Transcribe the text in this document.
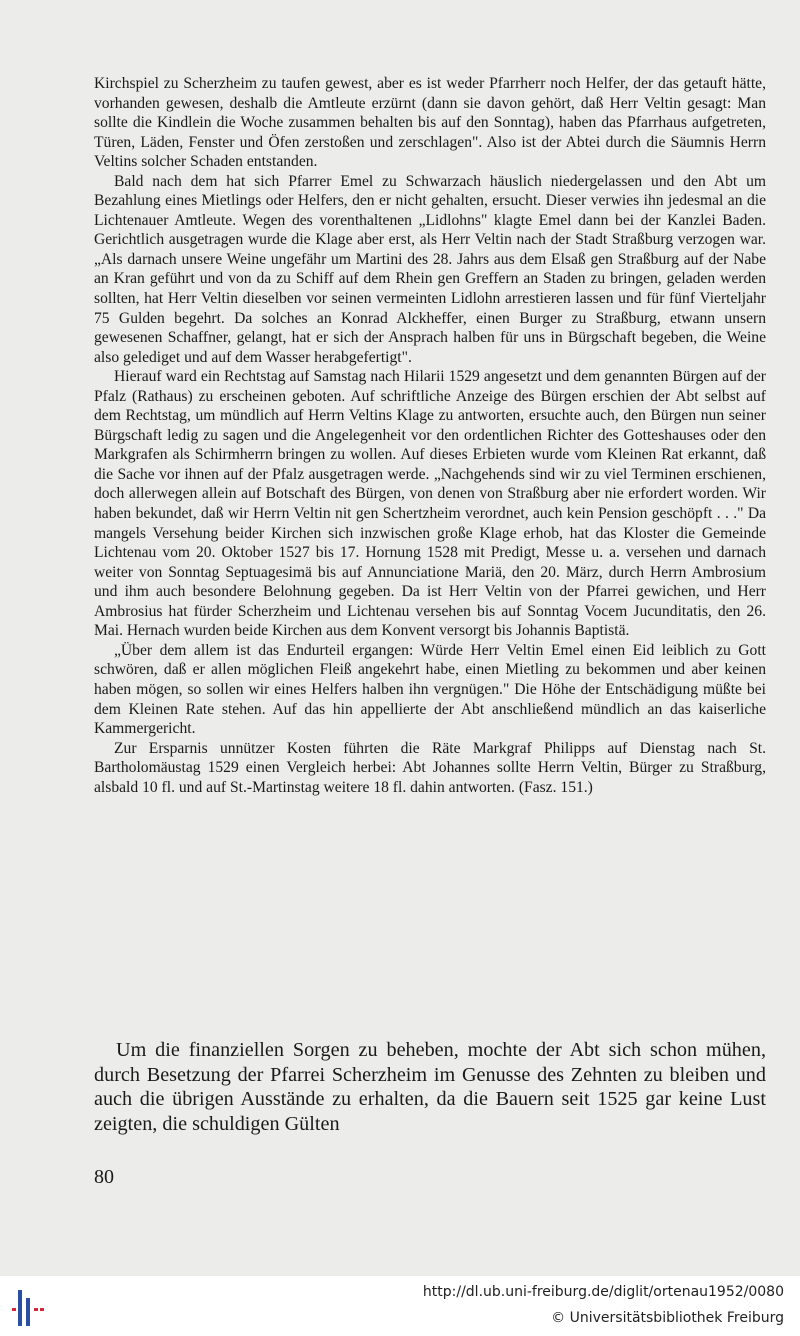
Kirchspiel zu Scherzheim zu taufen gewest, aber es ist weder Pfarrherr noch Helfer, der das getauft hätte, vorhanden gewesen, deshalb die Amtleute erzürnt (dann sie davon gehört, daß Herr Veltin gesagt: Man sollte die Kindlein die Woche zusammen behalten bis auf den Sonntag), haben das Pfarrhaus aufgetreten, Türen, Läden, Fenster und Öfen zerstoßen und zerschlagen". Also ist der Abtei durch die Säumnis Herrn Veltins solcher Schaden entstanden.

Bald nach dem hat sich Pfarrer Emel zu Schwarzach häuslich niedergelassen und den Abt um Bezahlung eines Mietlings oder Helfers, den er nicht gehalten, ersucht. Dieser verwies ihn jedesmal an die Lichtenauer Amtleute. Wegen des vorenthaltenen „Lidlohns" klagte Emel dann bei der Kanzlei Baden. Gerichtlich ausgetragen wurde die Klage aber erst, als Herr Veltin nach der Stadt Straßburg verzogen war. „Als darnach unsere Weine ungefähr um Martini des 28. Jahrs aus dem Elsaß gen Straßburg auf der Nabe an Kran geführt und von da zu Schiff auf dem Rhein gen Greffern an Staden zu bringen, geladen werden sollten, hat Herr Veltin dieselben vor seinen vermeinten Lidlohn arrestieren lassen und für fünf Vierteljahr 75 Gulden begehrt. Da solches an Konrad Alckheffer, einen Burger zu Straßburg, etwann unsern gewesenen Schaffner, gelangt, hat er sich der Ansprach halben für uns in Bürgschaft begeben, die Weine also gelediget und auf dem Wasser herabgefertigt".

Hierauf ward ein Rechtstag auf Samstag nach Hilarii 1529 angesetzt und dem genannten Bürgen auf der Pfalz (Rathaus) zu erscheinen geboten. Auf schriftliche Anzeige des Bürgen erschien der Abt selbst auf dem Rechtstag, um mündlich auf Herrn Veltins Klage zu antworten, ersuchte auch, den Bürgen nun seiner Bürgschaft ledig zu sagen und die Angelegenheit vor den ordentlichen Richter des Gotteshauses oder den Markgrafen als Schirmherrn bringen zu wollen. Auf dieses Erbieten wurde vom Kleinen Rat erkannt, daß die Sache vor ihnen auf der Pfalz ausgetragen werde. „Nachgehends sind wir zu viel Terminen erschienen, doch allerwegen allein auf Botschaft des Bürgen, von denen von Straßburg aber nie erfordert worden. Wir haben bekundet, daß wir Herrn Veltin nit gen Schertzheim verordnet, auch kein Pension geschöpft . . ." Da mangels Versehung beider Kirchen sich inzwischen große Klage erhob, hat das Kloster die Gemeinde Lichtenau vom 20. Oktober 1527 bis 17. Hornung 1528 mit Predigt, Messe u. a. versehen und darnach weiter von Sonntag Septuagesimä bis auf Annunciatione Mariä, den 20. März, durch Herrn Ambrosium und ihm auch besondere Belohnung gegeben. Da ist Herr Veltin von der Pfarrei gewichen, und Herr Ambrosius hat fürder Scherzheim und Lichtenau versehen bis auf Sonntag Vocem Jucunditatis, den 26. Mai. Hernach wurden beide Kirchen aus dem Konvent versorgt bis Johannis Baptistä.

„Über dem allem ist das Endurteil ergangen: Würde Herr Veltin Emel einen Eid leiblich zu Gott schwören, daß er allen möglichen Fleiß angekehrt habe, einen Mietling zu bekommen und aber keinen haben mögen, so sollen wir eines Helfers halben ihn vergnügen." Die Höhe der Entschädigung müßte bei dem Kleinen Rate stehen. Auf das hin appellierte der Abt anschließend mündlich an das kaiserliche Kammergericht.

Zur Ersparnis unnützer Kosten führten die Räte Markgraf Philipps auf Dienstag nach St. Bartholomäustag 1529 einen Vergleich herbei: Abt Johannes sollte Herrn Veltin, Bürger zu Straßburg, alsbald 10 fl. und auf St.-Martinstag weitere 18 fl. dahin antworten. (Fasz. 151.)

Um die finanziellen Sorgen zu beheben, mochte der Abt sich schon mühen, durch Besetzung der Pfarrei Scherzheim im Genusse des Zehnten zu bleiben und auch die übrigen Ausstände zu erhalten, da die Bauern seit 1525 gar keine Lust zeigten, die schuldigen Gülten

80
http://dl.ub.uni-freiburg.de/diglit/ortenau1952/0080
© Universitätsbibliothek Freiburg
